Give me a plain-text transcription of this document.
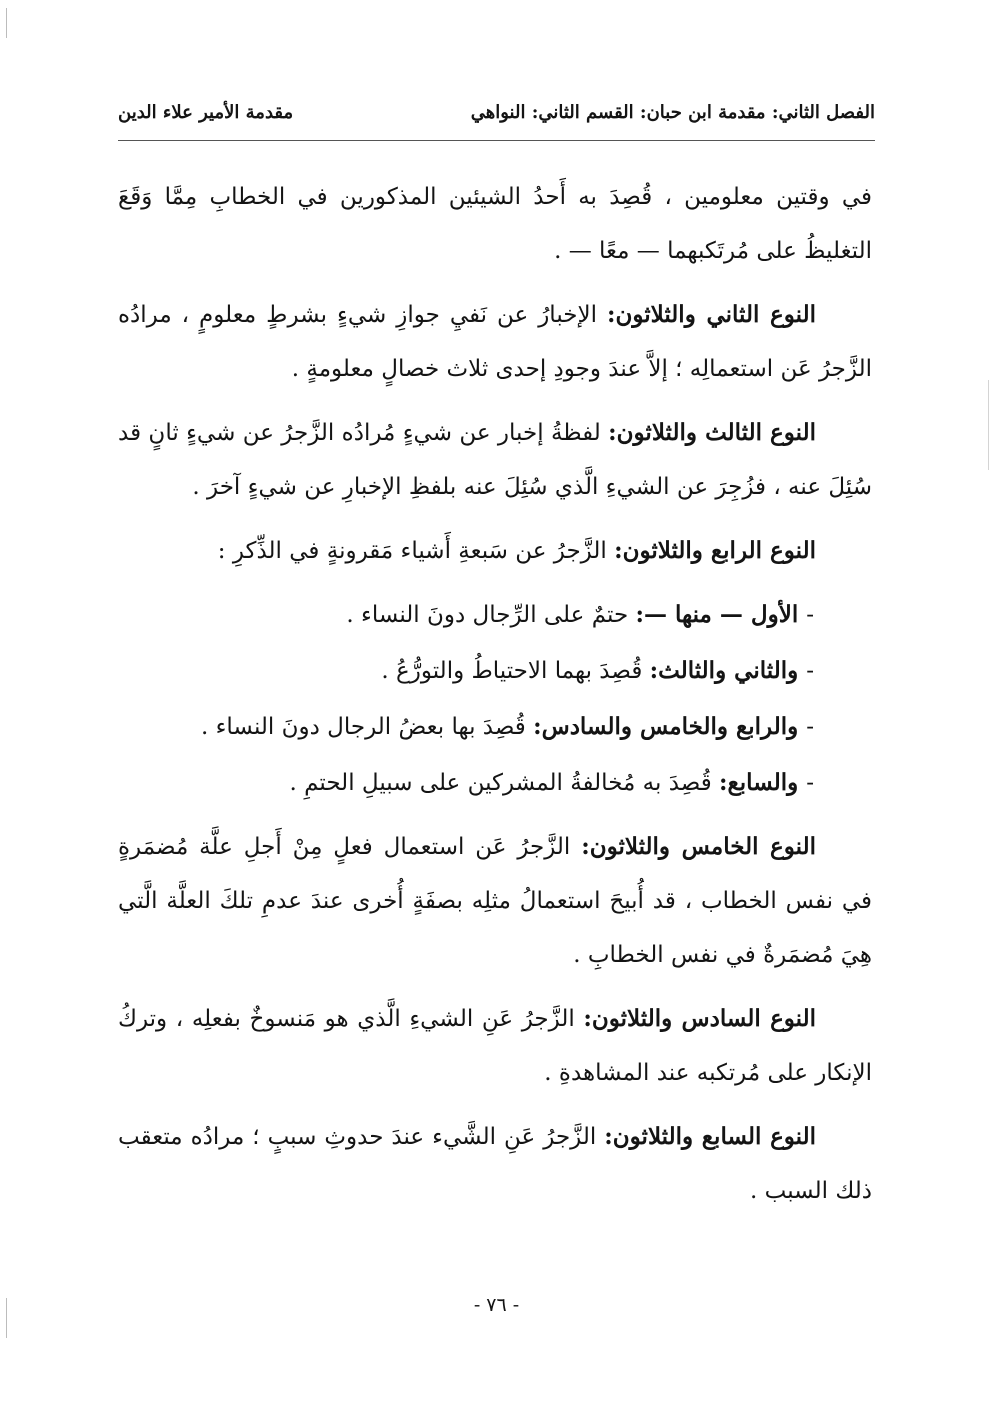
الفصل الثاني: مقدمة ابن حبان: القسم الثاني: النواهي
مقدمة الأمير علاء الدين

في وقتين معلومين ، قُصِدَ به أَحدُ الشيئين المذكورين في الخطابِ مِمَّا وَقَعَ التغليظُ على مُرتَكبهما — معًا — .

النوع الثاني والثلاثون: الإخبارُ عن نَفيِ جوازِ شيءٍ بشرطٍ معلومٍ ، مرادُه الزَّجرُ عَن استعمالِه ؛ إلاَّ عندَ وجودِ إحدى ثلاث خصالٍ معلومةٍ .

النوع الثالث والثلاثون: لفظةُ إخبار عن شيءٍ مُرادُه الزَّجرُ عن شيءٍ ثانٍ قد سُئِلَ عنه ، فزُجِرَ عن الشيءِ الَّذي سُئِلَ عنه بلفظِ الإخبارِ عن شيءٍ آخرَ .

النوع الرابع والثلاثون: الزَّجرُ عن سَبعةِ أَشياء مَقرونةٍ في الذِّكرِ :

-الأول — منها —: حتمٌ على الرِّجال دونَ النساء .
-والثاني والثالث: قُصِدَ بهما الاحتياطُ والتورُّعُ .
-والرابع والخامس والسادس: قُصِدَ بها بعضُ الرجال دونَ النساء .
-والسابع: قُصِدَ به مُخالفةُ المشركين على سبيلِ الحتمِ .

النوع الخامس والثلاثون: الزَّجرُ عَن استعمال فعلٍ مِنْ أَجلِ علَّة مُضمَرةٍ في نفس الخطاب ، قد أُبيحَ استعمالُ مثلِه بصفَةٍ أُخرى عندَ عدمِ تلكَ العلَّة الَّتي هِيَ مُضمَرةٌ في نفس الخطابِ .

النوع السادس والثلاثون: الزَّجرُ عَنِ الشيءِ الَّذي هو مَنسوخٌ بفعلِه ، وتركُ الإنكار على مُرتكبه عند المشاهدةِ .

النوع السابع والثلاثون: الزَّجرُ عَنِ الشَّيء عندَ حدوثِ سببٍ ؛ مرادُه متعقب ذلك السبب .

- ٧٦ -
